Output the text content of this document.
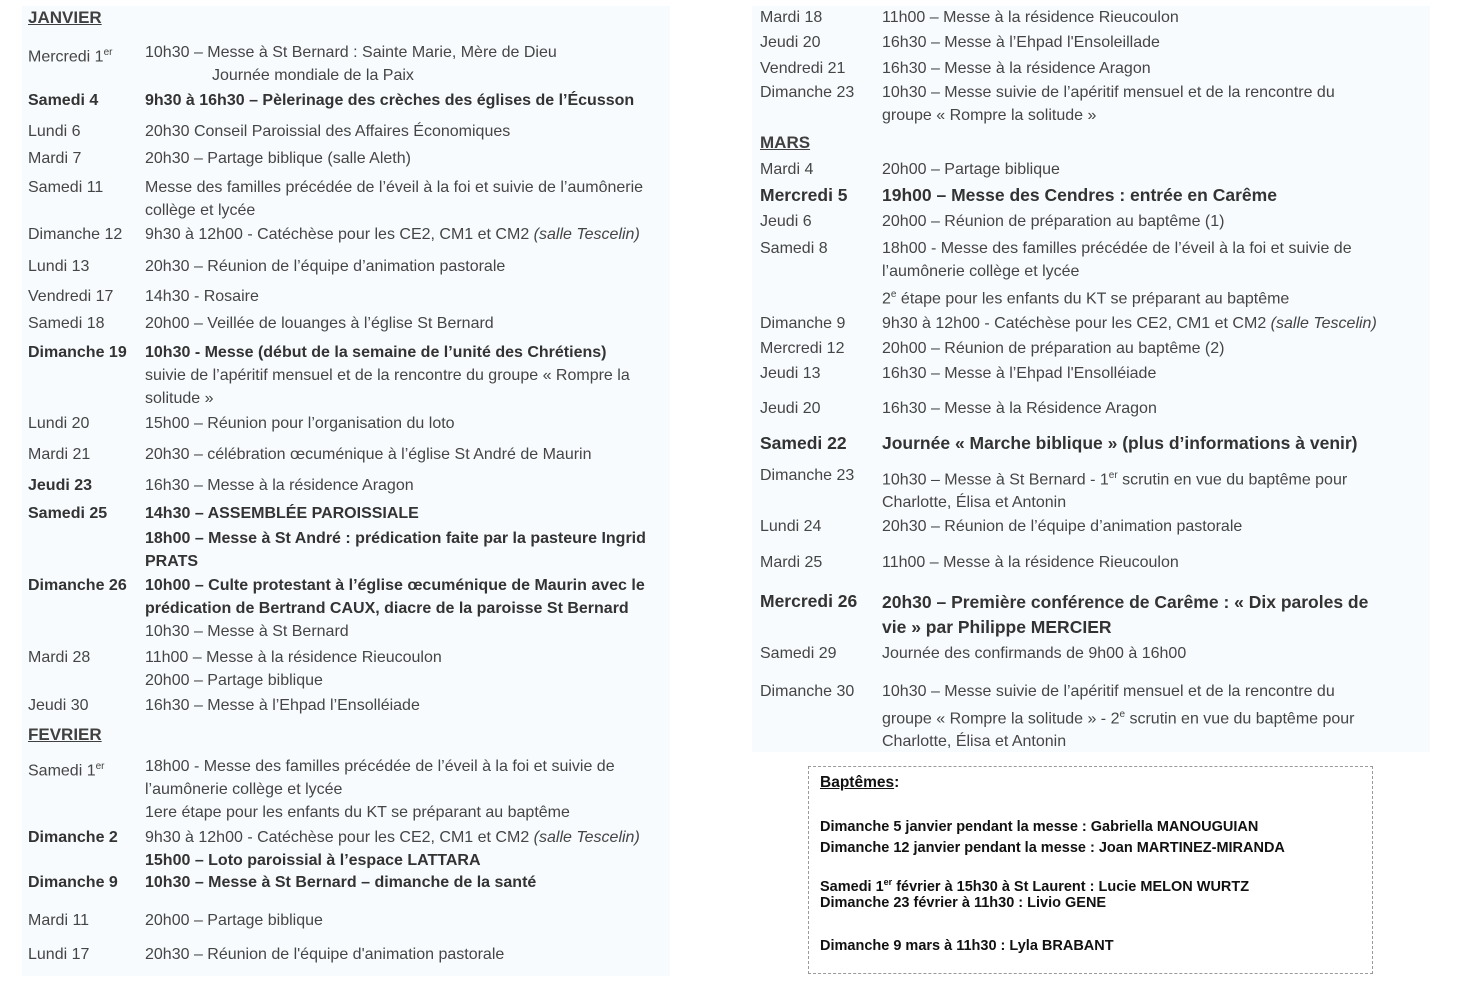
JANVIER

Mercredi 1er 10h30 – Messe à St Bernard : Sainte Marie, Mère de Dieu
Journée mondiale de la Paix

Samedi 4	9h30 à 16h30 – Pèlerinage des crèches des églises de l’Écusson

Lundi 6	20h30 Conseil Paroissial des Affaires Économiques

Mardi 7	20h30 – Partage biblique (salle Aleth)

Samedi 11	Messe des familles précédée de l’éveil à la foi et suivie de l’aumônerie
collège et lycée

Dimanche 12 9h30 à 12h00 - Catéchèse pour les CE2, CM1 et CM2 (salle Tescelin)

Lundi 13	20h30 – Réunion de l’équipe d’animation pastorale

Vendredi 17 14h30 - Rosaire

Samedi 18	20h00 – Veillée de louanges à l’église St Bernard

Dimanche 19 10h30 - Messe (début de la semaine de l’unité des Chrétiens)
suivie de l’apéritif mensuel et de la rencontre du groupe « Rompre la
solitude »

Lundi 20	15h00 – Réunion pour l’organisation du loto

Mardi 21	20h30 – célébration œcuménique à l’église St André de Maurin

Jeudi 23	16h30 – Messe à la résidence Aragon

Samedi 25 14h30 – ASSEMBLÉE PAROISSIALE
18h00 – Messe à St André : prédication faite par la pasteure Ingrid
PRATS

Dimanche 26 10h00 – Culte protestant à l’église œcuménique de Maurin avec le
prédication de Bertrand CAUX, diacre de la paroisse St Bernard
10h30 – Messe à St Bernard

Mardi 28	11h00 – Messe à la résidence Rieucoulon
20h00 – Partage biblique

Jeudi 30	16h30 – Messe à l’Ehpad l’Ensolléiade

FEVRIER

Samedi 1er	18h00 - Messe des familles précédée de l’éveil à la foi et suivie de
l’aumônerie collège et lycée
1ere étape pour les enfants du KT se préparant au baptême

Dimanche 2 9h30 à 12h00 - Catéchèse pour les CE2, CM1 et CM2 (salle Tescelin)
15h00 – Loto paroissial à l’espace LATTARA

Dimanche 9 10h30 – Messe à St Bernard – dimanche de la santé

Mardi 11	20h00 – Partage biblique

Lundi 17	20h30 – Réunion de l'équipe d'animation pastorale

Mardi 18	11h00 – Messe à la résidence Rieucoulon

Jeudi 20	16h30 – Messe à l’Ehpad l'Ensoleillade

Vendredi 21 16h30 – Messe à la résidence Aragon

Dimanche 23 10h30 – Messe suivie de l’apéritif mensuel et de la rencontre du
groupe « Rompre la solitude »

MARS

Mardi 4	20h00 – Partage biblique

Mercredi 5 19h00 – Messe des Cendres : entrée en Carême

Jeudi 6	20h00 – Réunion de préparation au baptême (1)

Samedi 8	18h00 - Messe des familles précédée de l’éveil à la foi et suivie de
l’aumônerie collège et lycée
2e étape pour les enfants du KT se préparant au baptême

Dimanche 9 9h30 à 12h00 - Catéchèse pour les CE2, CM1 et CM2 (salle Tescelin)

Mercredi 12 20h00 – Réunion de préparation au baptême (2)

Jeudi 13	16h30 – Messe à l’Ehpad l'Ensolléiade

Jeudi 20	16h30 – Messe à la Résidence Aragon

Samedi 22 Journée « Marche biblique » (plus d’informations à venir)

Dimanche 23 10h30 – Messe à St Bernard - 1er scrutin en vue du baptême pour
Charlotte, Élisa et Antonin

Lundi 24	20h30 – Réunion de l’équipe d’animation pastorale

Mardi 25	11h00 – Messe à la résidence Rieucoulon

Mercredi 26 20h30 – Première conférence de Carême : « Dix paroles de
vie » par Philippe MERCIER

Samedi 29	Journée des confirmands de 9h00 à 16h00

Dimanche 30 10h30 – Messe suivie de l’apéritif mensuel et de la rencontre du
groupe « Rompre la solitude » - 2e scrutin en vue du baptême pour
Charlotte, Élisa et Antonin

Baptêmes:

Dimanche 5 janvier pendant la messe : Gabriella MANOUGUIAN

Dimanche 12 janvier pendant la messe : Joan MARTINEZ-MIRANDA

Samedi 1er février à 15h30 à St Laurent : Lucie MELON WURTZ

Dimanche 23 février à 11h30 : Livio GENE

Dimanche 9 mars à 11h30 : Lyla BRABANT
